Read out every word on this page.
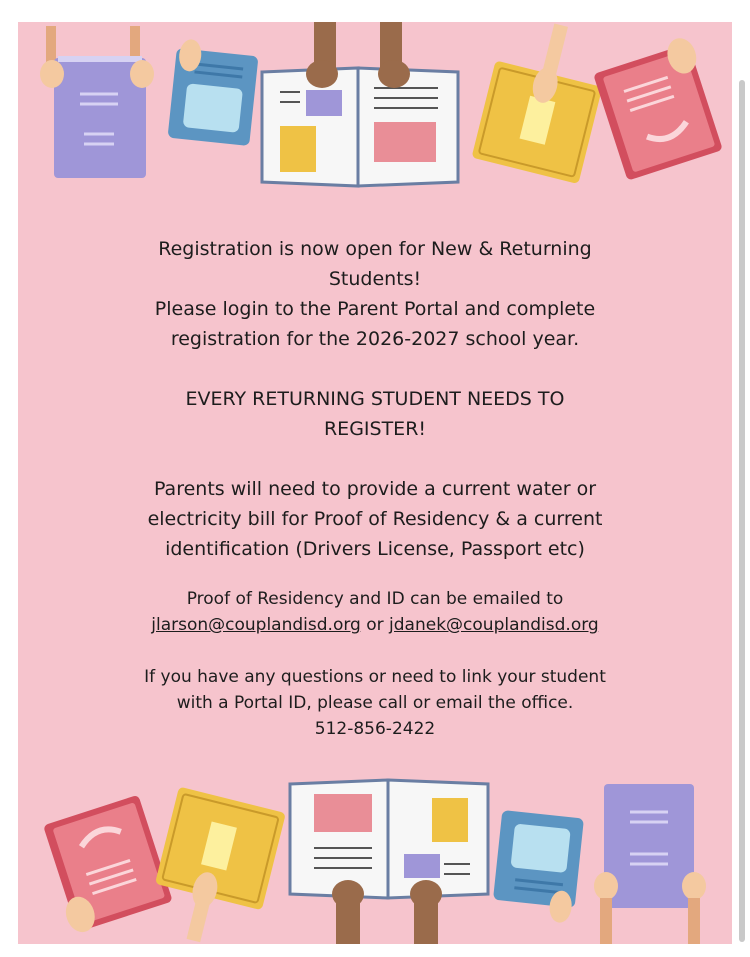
Registration is now open for New & Returning
Students!
Please login to the Parent Portal and complete
registration for the 2026-2027 school year.

EVERY RETURNING STUDENT NEEDS TO
REGISTER!

Parents will need to provide a current water or
electricity bill for Proof of Residency & a current
identification (Drivers License, Passport etc)

Proof of Residency and ID can be emailed to
jlarson@couplandisd.org or jdanek@couplandisd.org

If you have any questions or need to link your student
with a Portal ID, please call or email the office.
512-856-2422
